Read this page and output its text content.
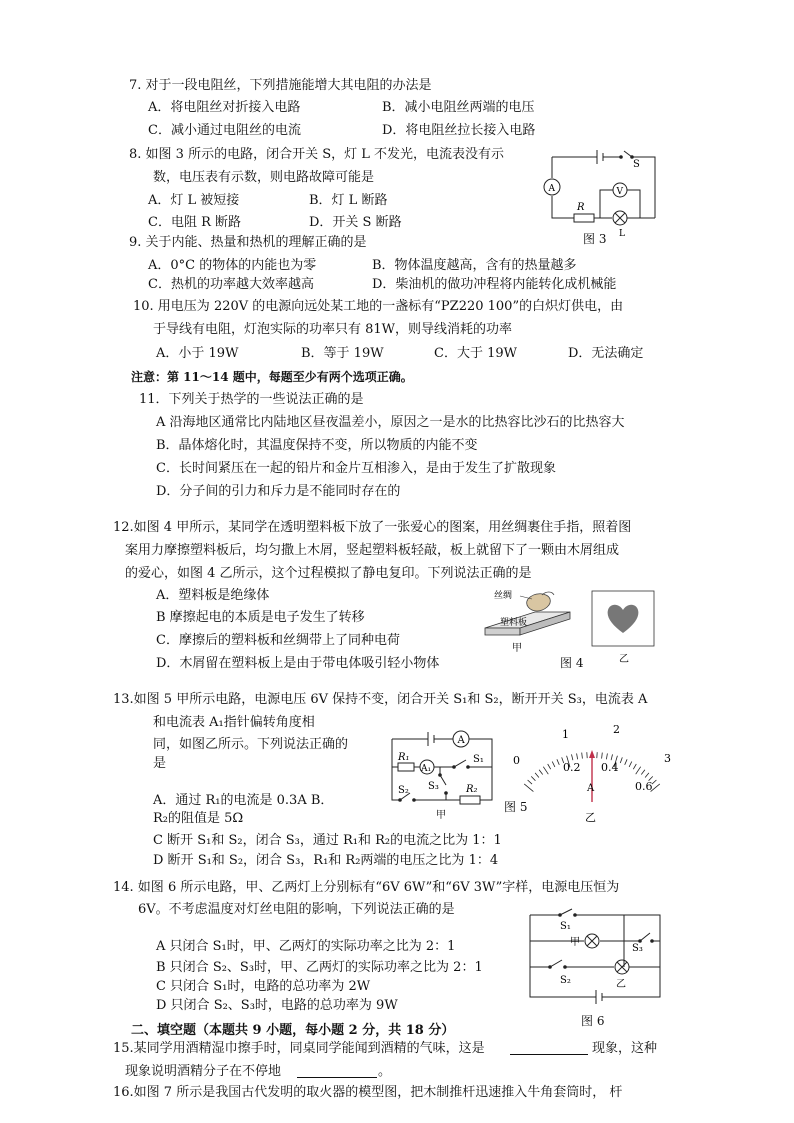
7. 对于一段电阻丝，下列措施能增大其电阻的办法是
A．将电阻丝对折接入电路	B．减小电阻丝两端的电压
C．减小通过电阻丝的电流	D．将电阻丝拉长接入电路
8. 如图 3 所示的电路，闭合开关 S，灯 L 不发光，电流表没有示
数，电压表有示数，则电路故障可能是
A．灯 L 被短接	B．灯 L 断路
C．电阻 R 断路	D．开关 S 断路
S
A	V
R
L
图 3
9. 关于内能、热量和热机的理解正确的是
A．0°C 的物体的内能也为零	B．物体温度越高，含有的热量越多
C．热机的功率越大效率越高	D．柴油机的做功冲程将内能转化成机械能
10. 用电压为 220V 的电源向远处某工地的一盏标有“PZ220 100”的白炽灯供电，由
于导线有电阻，灯泡实际的功率只有 81W，则导线消耗的功率
A．小于 19W	B．等于 19W	C．大于 19W	D．无法确定
注意：第 11～14 题中，每题至少有两个选项正确。
11．下列关于热学的一些说法正确的是
A 沿海地区通常比内陆地区昼夜温差小，原因之一是水的比热容比沙石的比热容大
B．晶体熔化时，其温度保持不变，所以物质的内能不变
C．长时间紧压在一起的铅片和金片互相渗入，是由于发生了扩散现象
D．分子间的引力和斥力是不能同时存在的
12.如图 4 甲所示，某同学在透明塑料板下放了一张爱心的图案，用丝绸裹住手指，照着图
案用力摩擦塑料板后，均匀撒上木屑，竖起塑料板轻敲，板上就留下了一颗由木屑组成
的爱心，如图 4 乙所示，这个过程模拟了静电复印。下列说法正确的是
A．塑料板是绝缘体
B 摩擦起电的本质是电子发生了转移
C．摩擦后的塑料板和丝绸带上了同种电荷
D．木屑留在塑料板上是由于带电体吸引轻小物体
丝绸
塑料板
甲
乙
图 4
13.如图 5 甲所示电路，电源电压 6V 保持不变，闭合开关 S₁和 S₂，断开开关 S₃，电流表 A
和电流表 A₁指针偏转角度相
同，如图乙所示。下列说法正确的
是
A．通过 R₁的电流是 0.3A B．
R₂的阻值是 5Ω
C 断开 S₁和 S₂，闭合 S₃，通过 R₁和 R₂的电流之比为 1：1
D 断开 S₁和 S₂，闭合 S₃，R₁和 R₂两端的电压之比为 1：4
A
A₁
R₁	S₁
S₃
S₂	R₂
甲
图 5
0
1	2
3
0.2 0.4
0.6
A
乙
14. 如图 6 所示电路，甲、乙两灯上分别标有“6V 6W”和“6V 3W”字样，电源电压恒为
6V。不考虑温度对灯丝电阻的影响，下列说法正确的是
A 只闭合 S₁时，甲、乙两灯的实际功率之比为 2：1
B 只闭合 S₂、S₃时，甲、乙两灯的实际功率之比为 2：1
C 只闭合 S₁时，电路的总功率为 2W
D 只闭合 S₂、S₃时，电路的总功率为 9W
S₁
甲
S₃
S₂	乙
图 6
二、填空题（本题共 9 小题，每小题 2 分，共 18 分）
15.某同学用酒精湿巾擦手时，同桌同学能闻到酒精的气味，这是	现象，这种
现象说明酒精分子在不停地	。
16.如图 7 所示是我国古代发明的取火器的模型图，把木制推杆迅速推入牛角套筒时， 杆
